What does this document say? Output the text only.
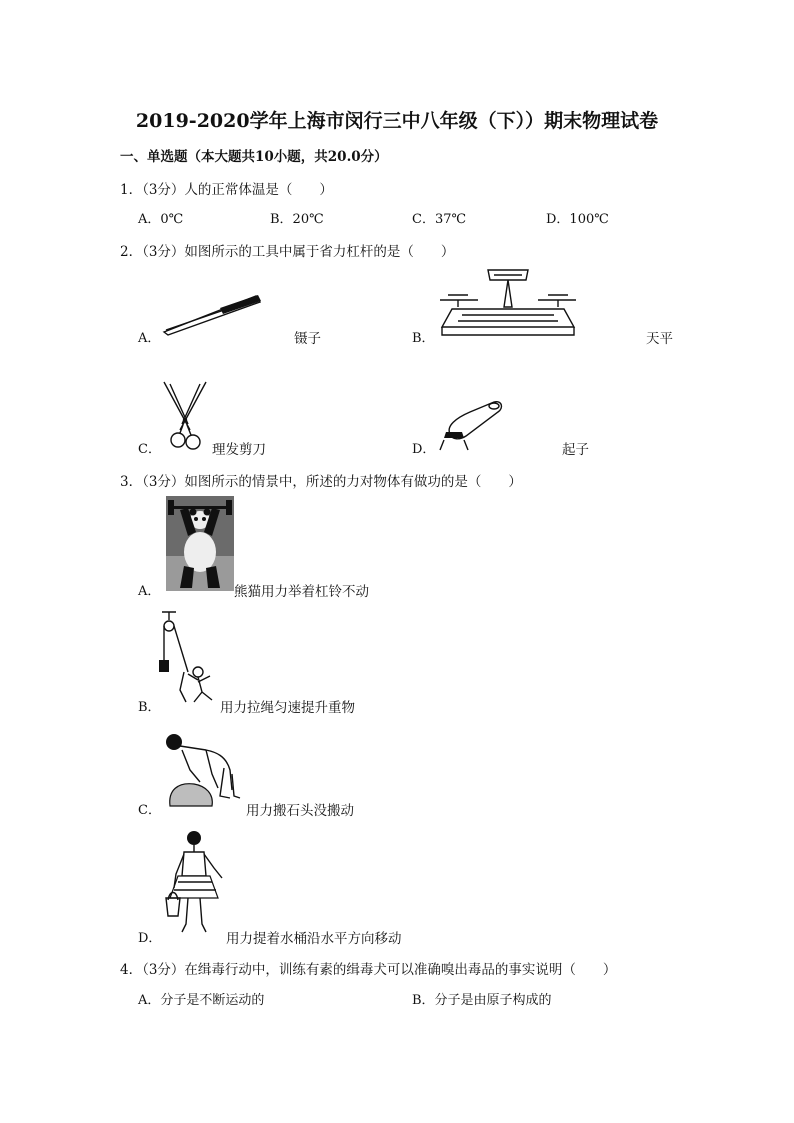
2019-2020学年上海市闵行三中八年级（下））期末物理试卷
一、单选题（本大题共10小题，共20.0分）
1．（3分）人的正常体温是（　　）
A．0℃	B．20℃	C．37℃	D．100℃
2．（3分）如图所示的工具中属于省力杠杆的是（　　）
A．	镊子	B．	天平
C．	理发剪刀	D．	起子
3．（3分）如图所示的情景中，所述的力对物体有做功的是（　　）
A．	熊猫用力举着杠铃不动
B．	用力拉绳匀速提升重物
C．	用力搬石头没搬动
D．	用力提着水桶沿水平方向移动
4．（3分）在缉毒行动中，训练有素的缉毒犬可以准确嗅出毒品的事实说明（　　）
A．分子是不断运动的	B．分子是由原子构成的
